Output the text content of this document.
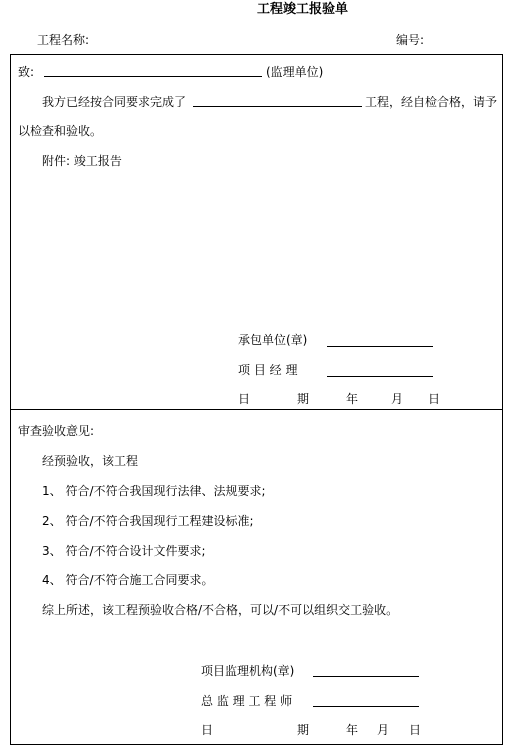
工程竣工报验单
工程名称:	编号:
致:	(监理单位)
我方已经按合同要求完成了	工程，经自检合格，请予
以检查和验收。
附件: 竣工报告
承包单位(章)
项 目 经 理
日	期	年	月 日
审查验收意见:
经预验收，该工程
1、 符合/不符合我国现行法律、法规要求;
2、 符合/不符合我国现行工程建设标准;
3、 符合/不符合设计文件要求;
4、 符合/不符合施工合同要求。
综上所述，该工程预验收合格/不合格，可以/不可以组织交工验收。
项目监理机构(章)
总 监 理 工 程 师
日	期	年 月 日
